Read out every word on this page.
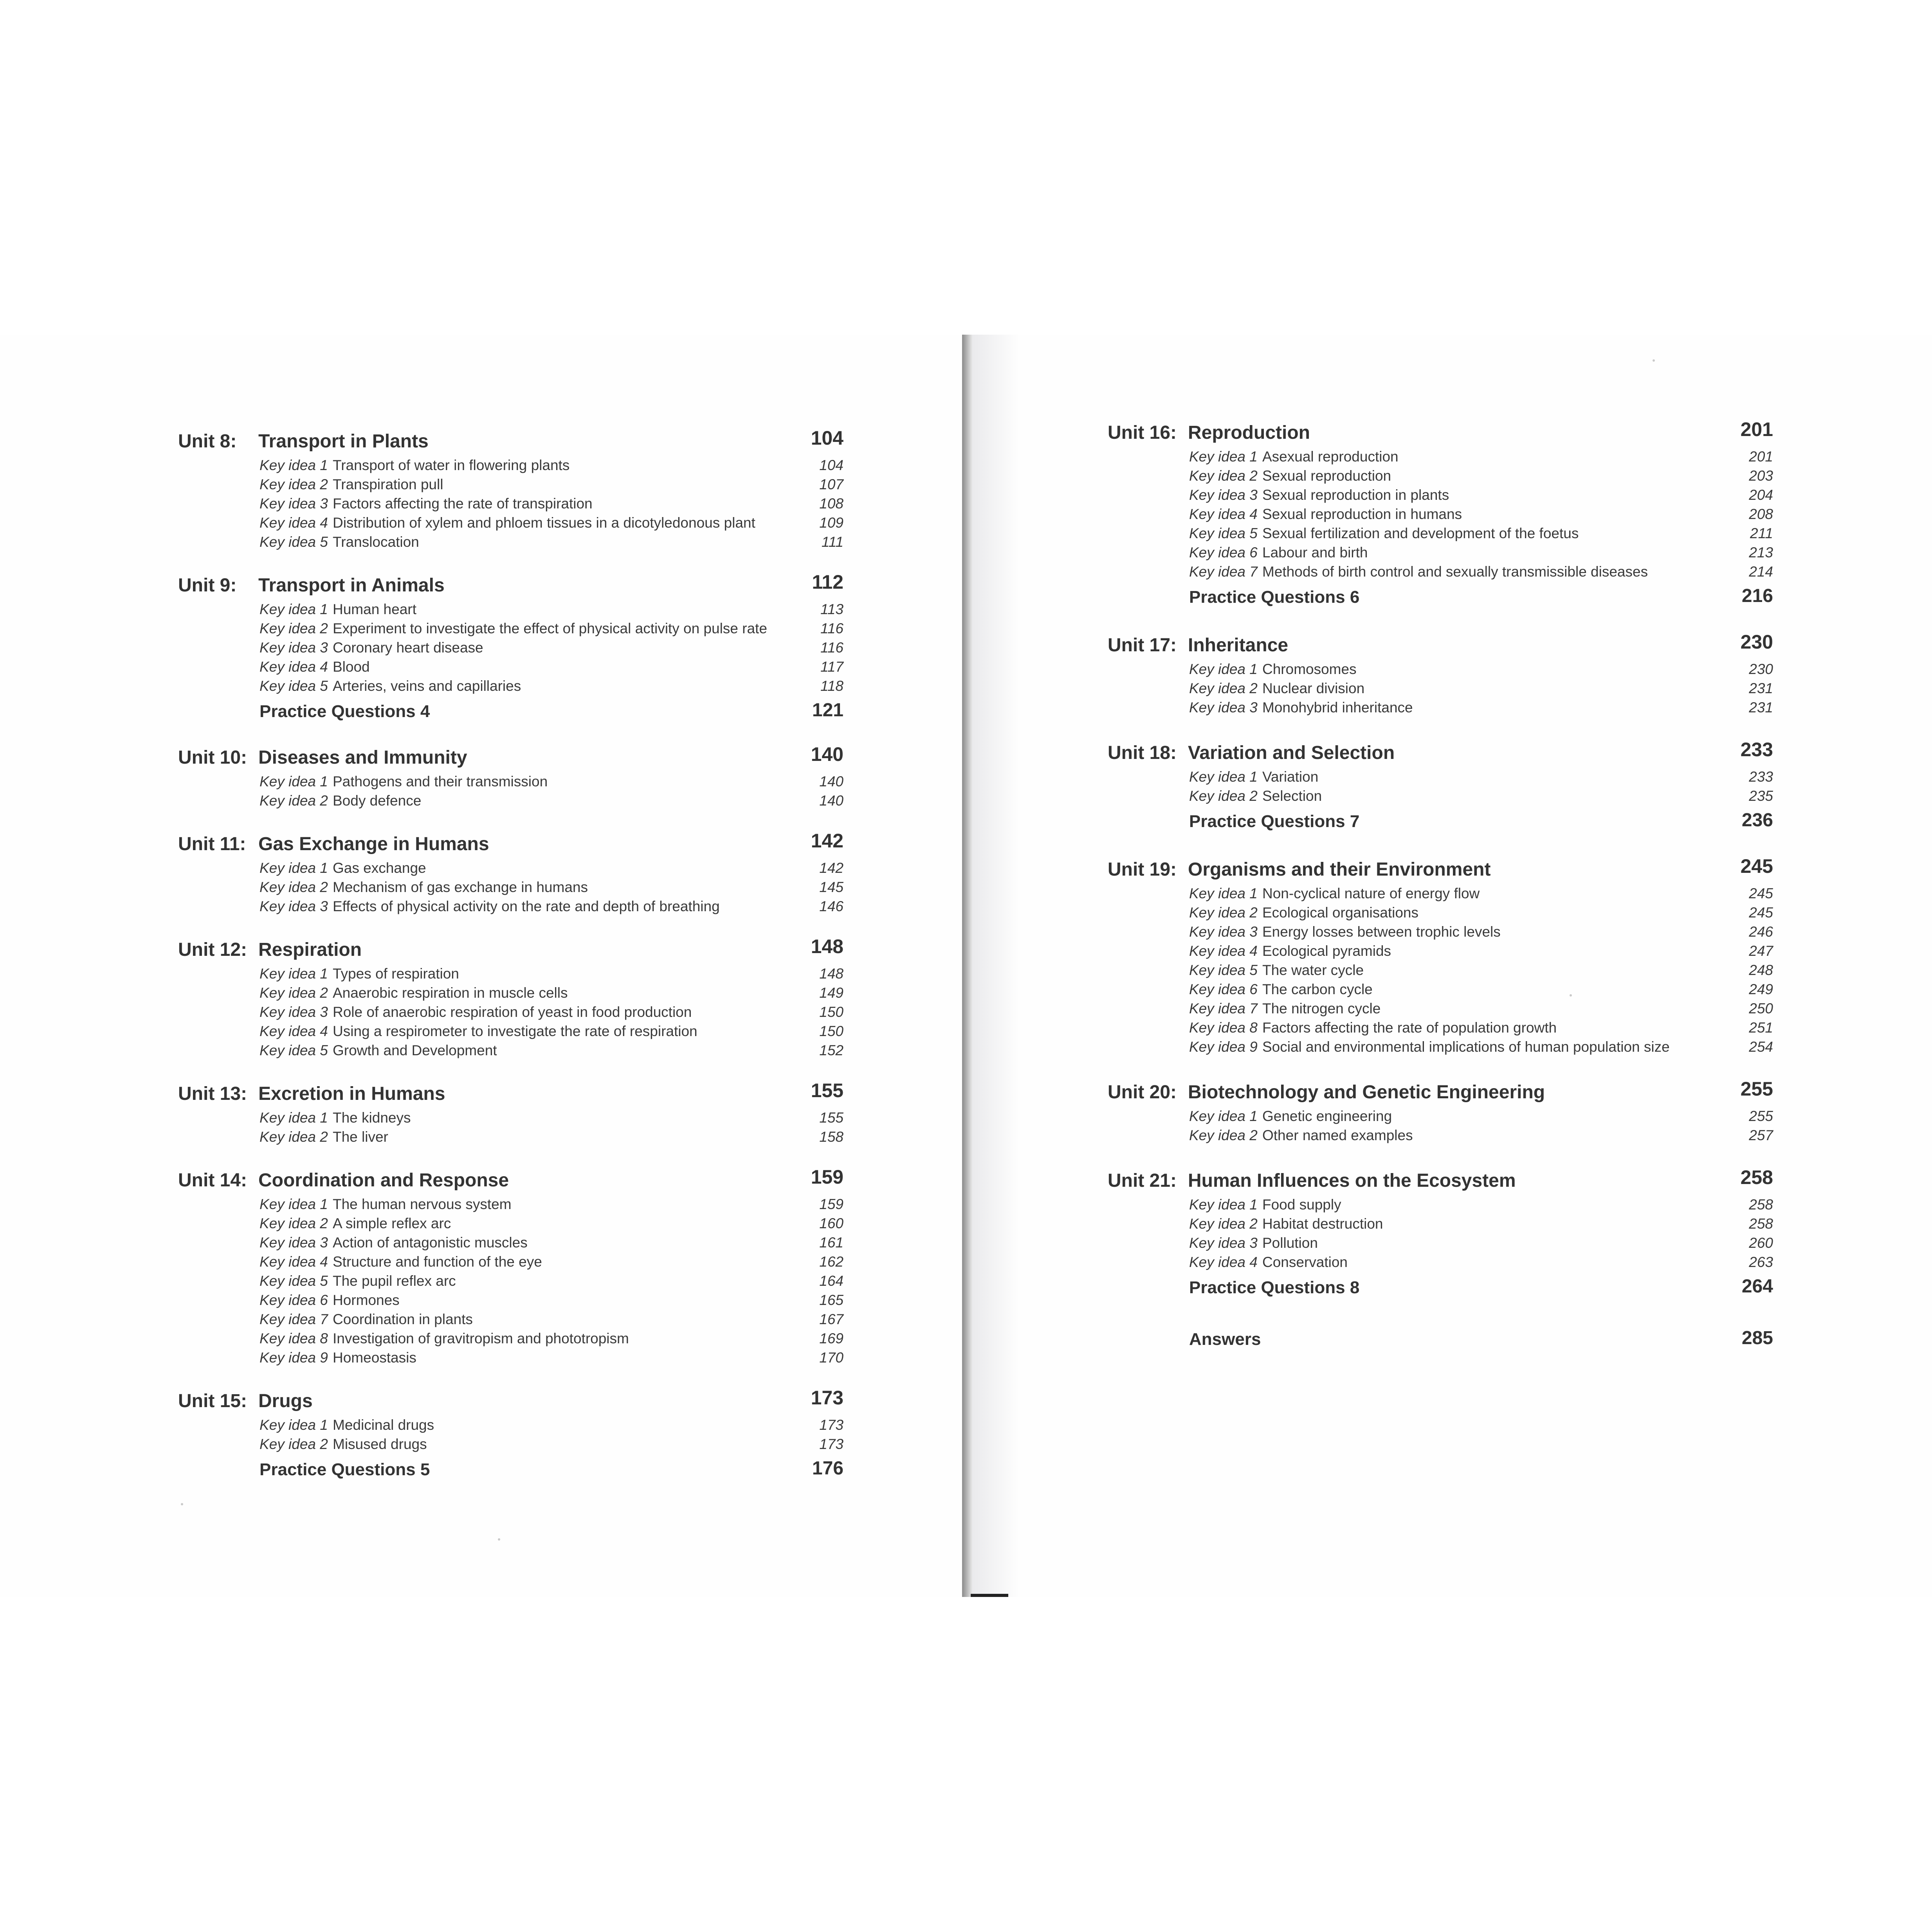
Unit 8: Transport in Plants	104
Key idea 1 Transport of water in flowering plants	104
Key idea 2 Transpiration pull	107
Key idea 3 Factors affecting the rate of transpiration	108
Key idea 4 Distribution of xylem and phloem tissues in a dicotyledonous plant	109
Key idea 5 Translocation	111
Unit 9: Transport in Animals	112
Key idea 1 Human heart	113
Key idea 2 Experiment to investigate the effect of physical activity on pulse rate	116
Key idea 3 Coronary heart disease	116
Key idea 4 Blood	117
Key idea 5 Arteries, veins and capillaries	118
Practice Questions 4	121
Unit 10: Diseases and Immunity	140
Key idea 1 Pathogens and their transmission	140
Key idea 2 Body defence	140
Unit 11: Gas Exchange in Humans	142
Key idea 1 Gas exchange	142
Key idea 2 Mechanism of gas exchange in humans	145
Key idea 3 Effects of physical activity on the rate and depth of breathing	146
Unit 12: Respiration	148
Key idea 1 Types of respiration	148
Key idea 2 Anaerobic respiration in muscle cells	149
Key idea 3 Role of anaerobic respiration of yeast in food production	150
Key idea 4 Using a respirometer to investigate the rate of respiration	150
Key idea 5 Growth and Development	152
Unit 13: Excretion in Humans	155
Key idea 1 The kidneys	155
Key idea 2 The liver	158
Unit 14: Coordination and Response	159
Key idea 1 The human nervous system	159
Key idea 2 A simple reflex arc	160
Key idea 3 Action of antagonistic muscles	161
Key idea 4 Structure and function of the eye	162
Key idea 5 The pupil reflex arc	164
Key idea 6 Hormones	165
Key idea 7 Coordination in plants	167
Key idea 8 Investigation of gravitropism and phototropism	169
Key idea 9 Homeostasis	170
Unit 15: Drugs	173
Key idea 1 Medicinal drugs	173
Key idea 2 Misused drugs	173
Practice Questions 5	176
Unit 16: Reproduction	201
Key idea 1 Asexual reproduction	201
Key idea 2 Sexual reproduction	203
Key idea 3 Sexual reproduction in plants	204
Key idea 4 Sexual reproduction in humans	208
Key idea 5 Sexual fertilization and development of the foetus	211
Key idea 6 Labour and birth	213
Key idea 7 Methods of birth control and sexually transmissible diseases	214
Practice Questions 6	216
Unit 17: Inheritance	230
Key idea 1 Chromosomes	230
Key idea 2 Nuclear division	231
Key idea 3 Monohybrid inheritance	231
Unit 18: Variation and Selection	233
Key idea 1 Variation	233
Key idea 2 Selection	235
Practice Questions 7	236
Unit 19: Organisms and their Environment	245
Key idea 1 Non-cyclical nature of energy flow	245
Key idea 2 Ecological organisations	245
Key idea 3 Energy losses between trophic levels	246
Key idea 4 Ecological pyramids	247
Key idea 5 The water cycle	248
Key idea 6 The carbon cycle	249
Key idea 7 The nitrogen cycle	250
Key idea 8 Factors affecting the rate of population growth	251
Key idea 9 Social and environmental implications of human population size	254
Unit 20: Biotechnology and Genetic Engineering	255
Key idea 1 Genetic engineering	255
Key idea 2 Other named examples	257
Unit 21: Human Influences on the Ecosystem	258
Key idea 1 Food supply	258
Key idea 2 Habitat destruction	258
Key idea 3 Pollution	260
Key idea 4 Conservation	263
Practice Questions 8	264
Answers	285
